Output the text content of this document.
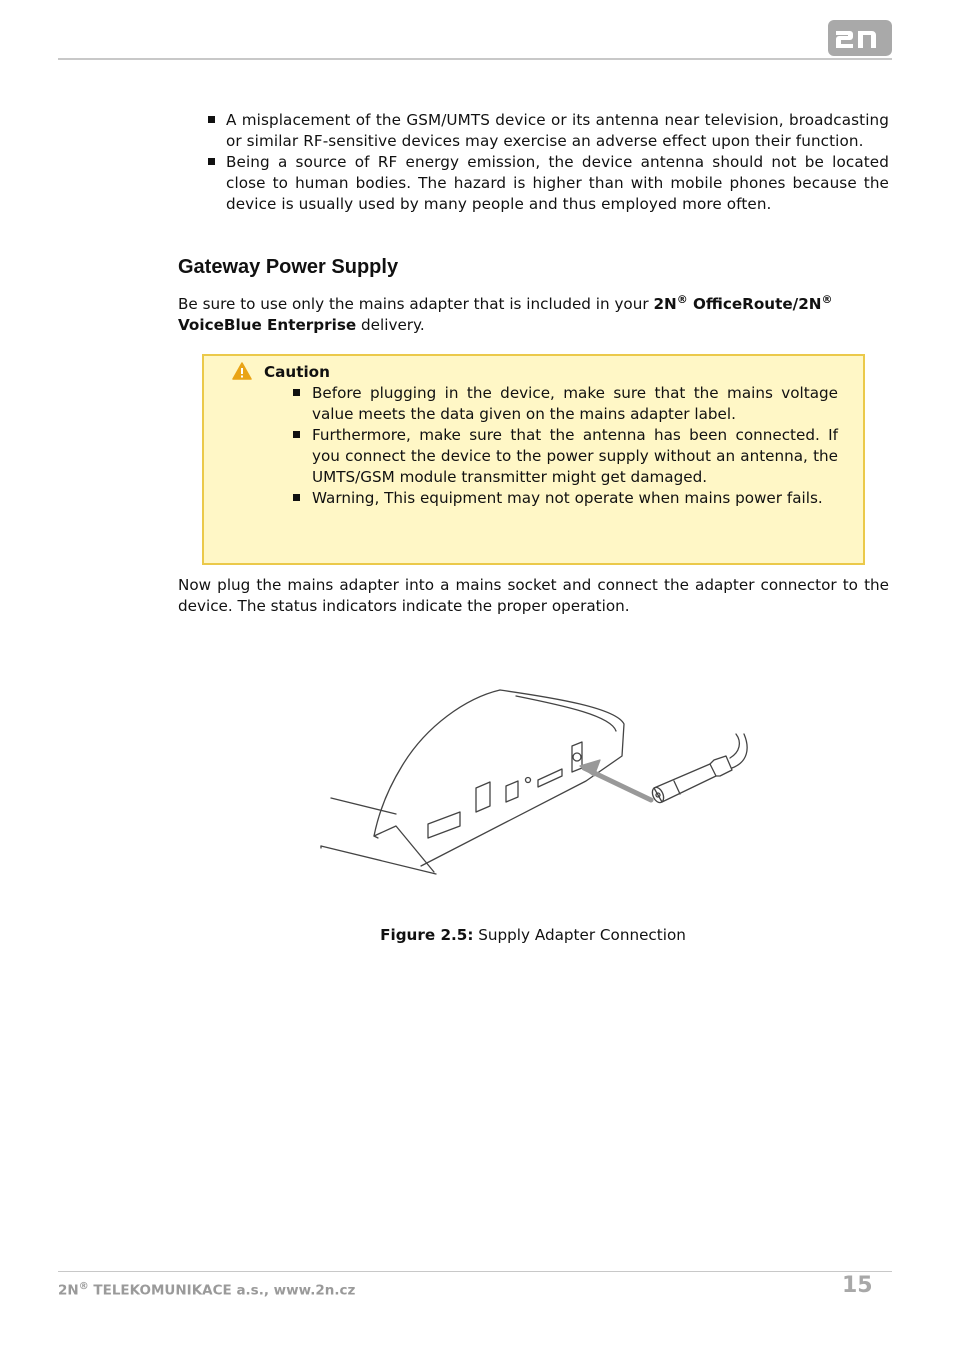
A misplacement of the GSM/UMTS device or its antenna near television, broadcasting or similar RF-sensitive devices may exercise an adverse effect upon their function.
Being a source of RF energy emission, the device antenna should not be located close to human bodies. The hazard is higher than with mobile phones because the device is usually used by many people and thus employed more often.
Gateway Power Supply

Be sure to use only the mains adapter that is included in your 2N® OfficeRoute/2N®
VoiceBlue Enterprise delivery.

Caution
Before plugging in the device, make sure that the mains voltage value meets the data given on the mains adapter label.
Furthermore, make sure that the antenna has been connected. If you connect the device to the power supply without an antenna, the UMTS/GSM module transmitter might get damaged.
Warning, This equipment may not operate when mains power fails.

Now plug the mains adapter into a mains socket and connect the adapter connector to the device. The status indicators indicate the proper operation.

Figure 2.5: Supply Adapter Connection
2N® TELEKOMUNIKACE a.s., www.2n.cz	15
